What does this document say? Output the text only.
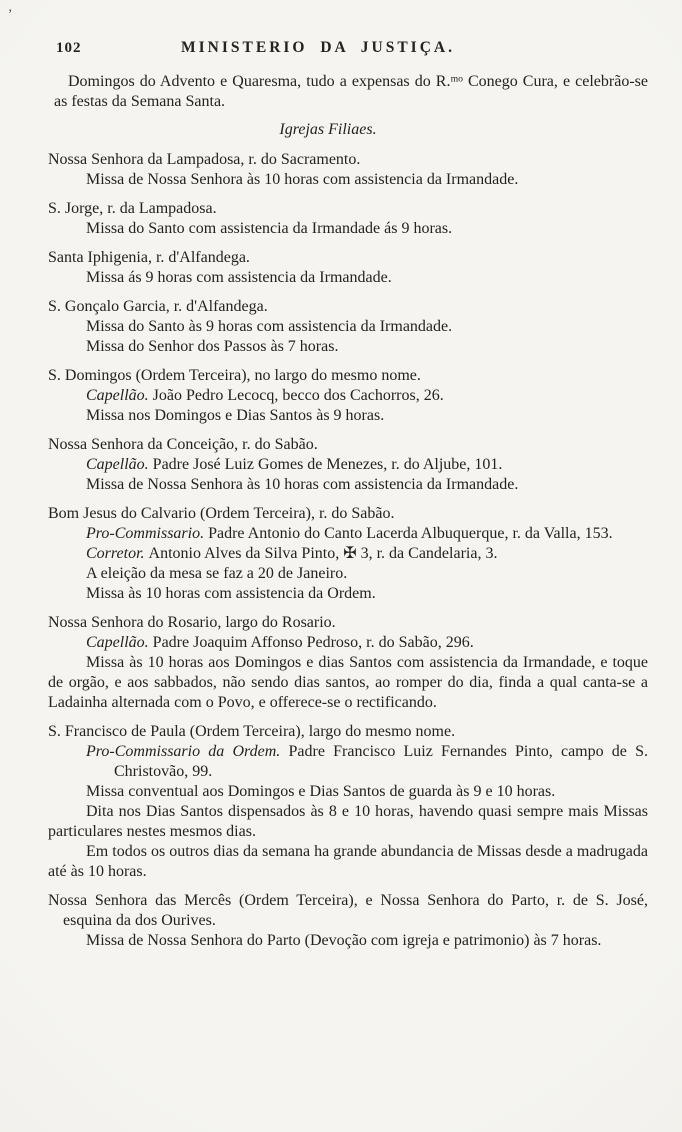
’
102	MINISTERIO DA JUSTIÇA.

Domingos do Advento e Quaresma, tudo a expensas do R.ᵐᵒ Conego Cura, e celebrão-se as festas da Semana Santa.

Igrejas Filiaes.

Nossa Senhora da Lampadosa, r. do Sacramento.

Missa de Nossa Senhora às 10 horas com assistencia da Irmandade.

S. Jorge, r. da Lampadosa.

Missa do Santo com assistencia da Irmandade ás 9 horas.

Santa Iphigenia, r. d'Alfandega.

Missa ás 9 horas com assistencia da Irmandade.

S. Gonçalo Garcia, r. d'Alfandega.

Missa do Santo às 9 horas com assistencia da Irmandade.

Missa do Senhor dos Passos às 7 horas.

S. Domingos (Ordem Terceira), no largo do mesmo nome.

Capellão. João Pedro Lecocq, becco dos Cachorros, 26.

Missa nos Domingos e Dias Santos às 9 horas.

Nossa Senhora da Conceição, r. do Sabão.

Capellão. Padre José Luiz Gomes de Menezes, r. do Aljube, 101.

Missa de Nossa Senhora às 10 horas com assistencia da Irmandade.

Bom Jesus do Calvario (Ordem Terceira), r. do Sabão.

Pro-Commissario. Padre Antonio do Canto Lacerda Albuquerque, r. da Valla, 153.

Corretor. Antonio Alves da Silva Pinto, ✠ 3, r. da Candelaria, 3.

A eleição da mesa se faz a 20 de Janeiro.

Missa às 10 horas com assistencia da Ordem.

Nossa Senhora do Rosario, largo do Rosario.

Capellão. Padre Joaquim Affonso Pedroso, r. do Sabão, 296.

Missa às 10 horas aos Domingos e dias Santos com assistencia da Irmandade, e toque de orgão, e aos sabbados, não sendo dias santos, ao romper do dia, finda a qual canta-se a Ladainha alternada com o Povo, e offerece-se o rectificando.

S. Francisco de Paula (Ordem Terceira), largo do mesmo nome.

Pro-Commissario da Ordem. Padre Francisco Luiz Fernandes Pinto, campo de S. Christovão, 99.

Missa conventual aos Domingos e Dias Santos de guarda às 9 e 10 horas.

Dita nos Dias Santos dispensados às 8 e 10 horas, havendo quasi sempre mais Missas particulares nestes mesmos dias.

Em todos os outros dias da semana ha grande abundancia de Missas desde a madrugada até às 10 horas.

Nossa Senhora das Mercês (Ordem Terceira), e Nossa Senhora do Parto, r. de S. José, esquina da dos Ourives.

Missa de Nossa Senhora do Parto (Devoção com igreja e patrimonio) às 7 horas.
